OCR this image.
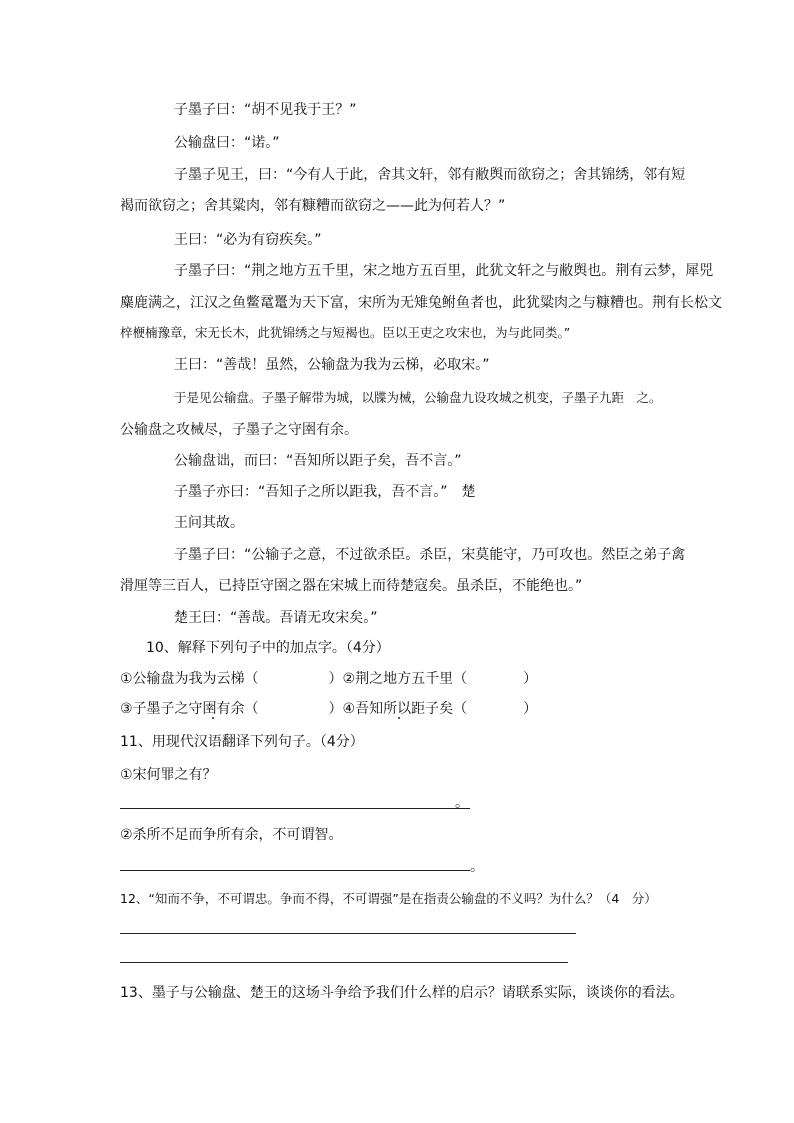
子墨子曰：“胡不见我于王？”
公输盘曰：“诺。”
子墨子见王，曰：“今有人于此，舍其文轩，邻有敝舆而欲窃之；舍其锦绣，邻有短
褐而欲窃之；舍其粱肉，邻有糠糟而欲窃之——此为何若人？”
王曰：“必为有窃疾矣。”
子墨子曰：“荆之地方五千里，宋之地方五百里，此犹文轩之与敝舆也。荆有云梦，犀兕
麋鹿满之，江汉之鱼鳖鼋鼍为天下富，宋所为无雉兔鲋鱼者也，此犹粱肉之与糠糟也。荆有长松文
梓楩楠豫章，宋无长木，此犹锦绣之与短褐也。臣以王吏之攻宋也，为与此同类。”
王曰：“善哉！虽然，公输盘为我为云梯，必取宋。”
于是见公输盘。子墨子解带为城，以牒为械，公输盘九设攻城之机变，子墨子九距　之。
公输盘之攻械尽，子墨子之守圉有余。
公输盘诎，而曰：“吾知所以距子矣，吾不言。”
子墨子亦曰：“吾知子之所以距我，吾不言。”　楚
王问其故。
子墨子曰：“公输子之意，不过欲杀臣。杀臣，宋莫能守，乃可攻也。然臣之弟子禽
滑厘等三百人，已持臣守圉之器在宋城上而待楚寇矣。虽杀臣，不能绝也。”
楚王曰：“善哉。吾请无攻宋矣。”
10、解释下列句子中的加点字。（4分）
①公输盘为我为云梯（　　　　　）②荆之地方五千里（　　　　）
③子墨子之守圉有余（　　　　　）④吾知所以距子矣（　　　　）
11、用现代汉语翻译下列句子。（4分）
①宋何罪之有？
。
②杀所不足而争所有余，不可谓智。
。
12、“知而不争，不可谓忠。争而不得，不可谓强”是在指责公输盘的不义吗？为什么？（4　分）
13、墨子与公输盘、楚王的这场斗争给予我们什么样的启示？请联系实际，谈谈你的看法。
